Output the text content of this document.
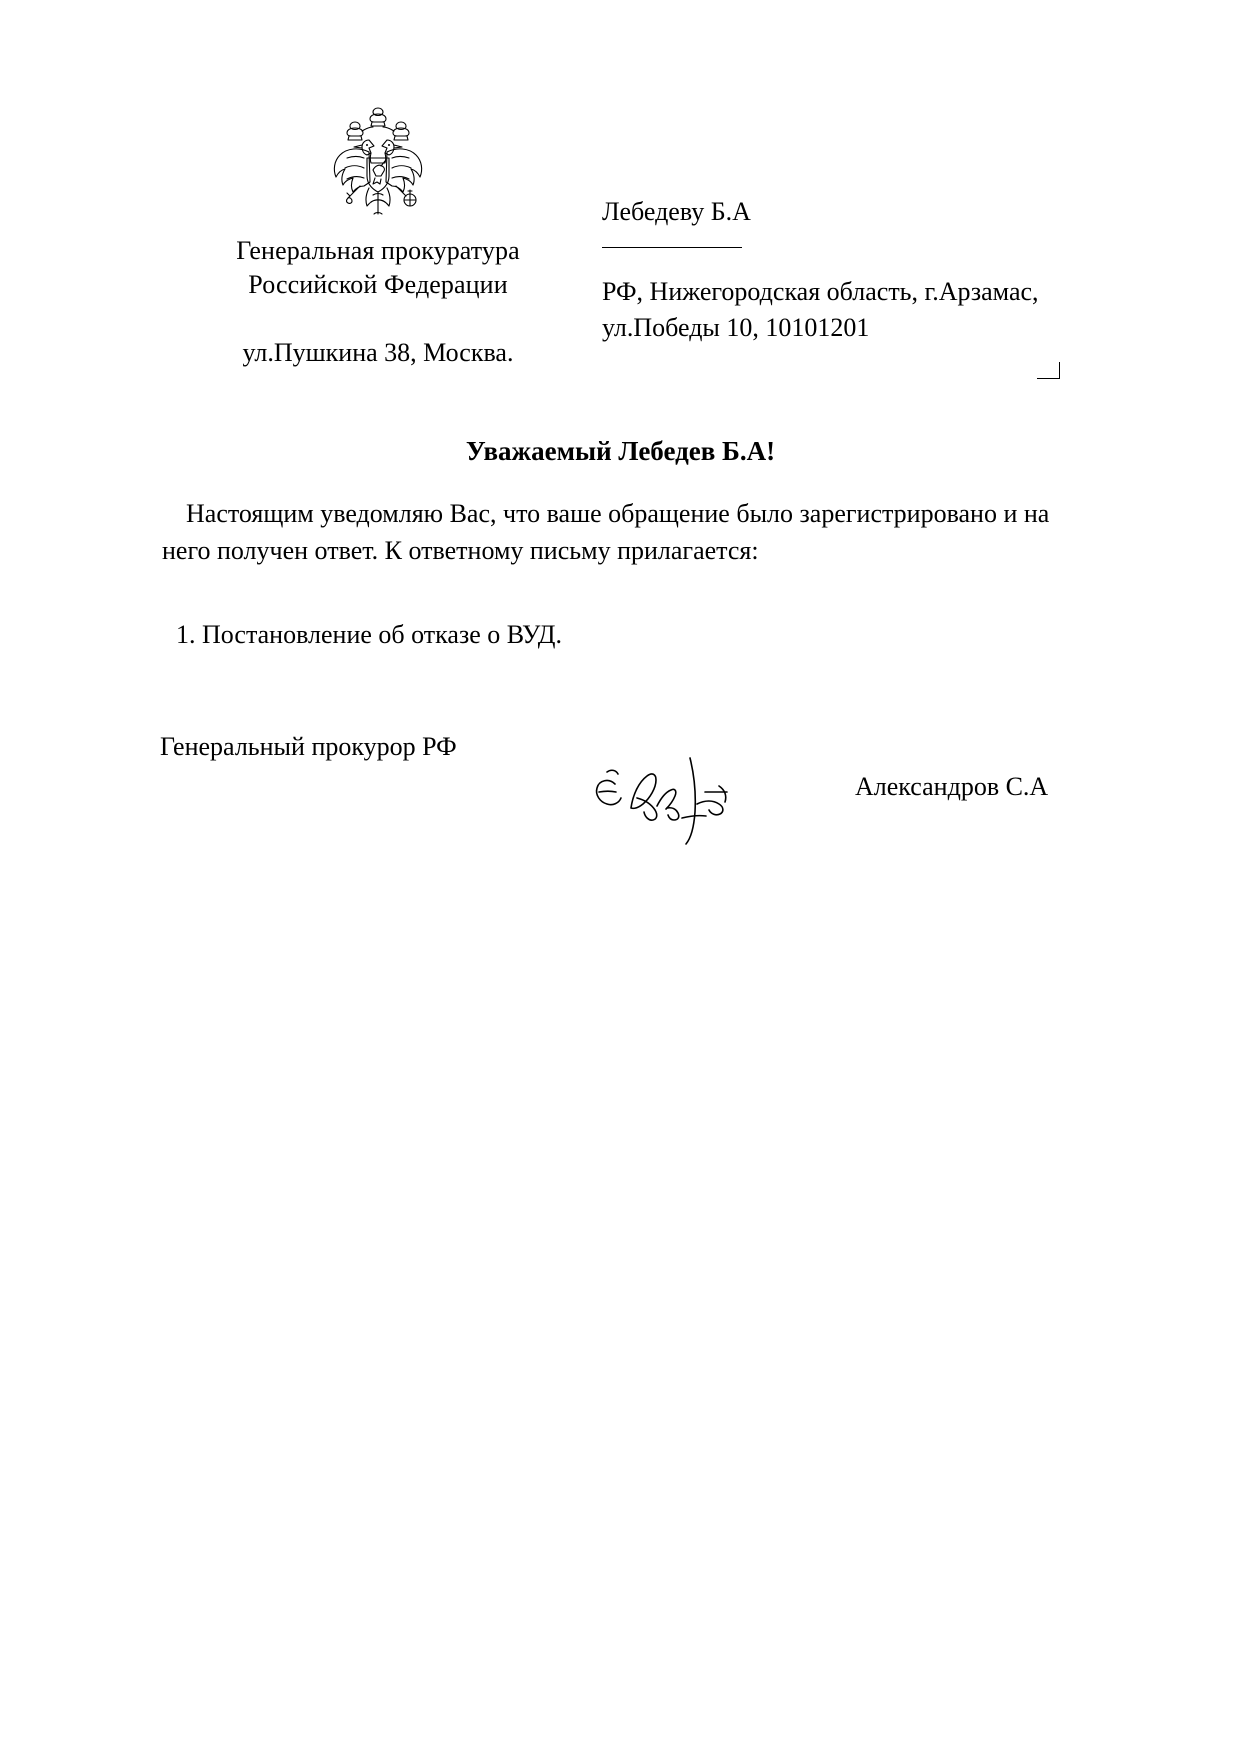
Генеральная прокуратура
Российской Федерации
ул.Пушкина 38, Москва.
Лебедеву Б.А
РФ, Нижегородская область, г.Арзамас,
ул.Победы 10, 10101201
Уважаемый Лебедев Б.А!

Настоящим уведомляю Вас, что ваше обращение было зарегистрировано и на него получен ответ. К ответному письму прилагается:

1. Постановление об отказе о ВУД.

Генеральный прокурор РФ
Александров С.А
